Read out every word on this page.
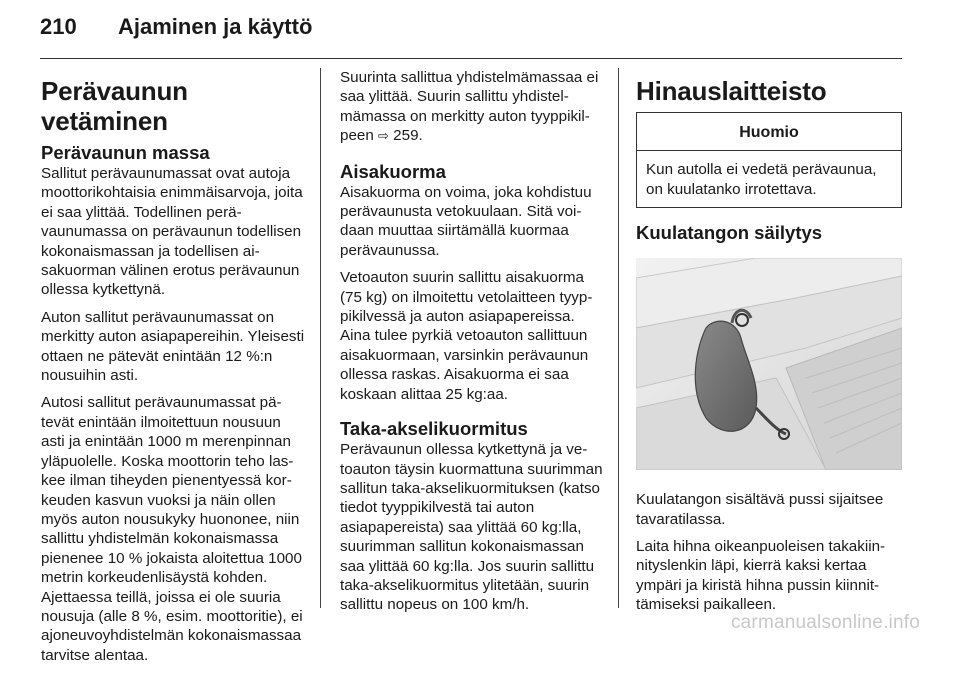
210 Ajaminen ja käyttö
Perävaunun vetäminen
Perävaunun massa

Sallitut perävaunumassat ovat autoja moottorikohtaisia enimmäisarvoja, joita ei saa ylittää. Todellinen perävaunumassa on perävaunun todellisen kokonaismassan ja todellisen aisakuorman välinen erotus perävaunun ollessa kytkettynä.

Auton sallitut perävaunumassat on merkitty auton asiapapereihin. Yleisesti ottaen ne pätevät enintään 12 %:n nousuihin asti.

Autosi sallitut perävaunumassat pätevät enintään ilmoitettuun nousuun asti ja enintään 1000 m merenpinnan yläpuolelle. Koska moottorin teho laskee ilman tiheyden pienentyessä korkeuden kasvun vuoksi ja näin ollen myös auton nousukyky huononee, niin sallittu yhdistelmän kokonaismassa pienenee 10 % jokaista aloitettua 1000 metrin korkeudenlisäystä kohden. Ajettaessa teillä, joissa ei ole suuria nousuja (alle 8 %, esim. moottoritie), ei ajoneuvoyhdistelmän kokonaismassaa tarvitse alentaa.

Suurinta sallittua yhdistelmämassaa ei saa ylittää. Suurin sallittu yhdistelmämassa on merkitty auton tyyppikilpeen ⇨ 259.

Aisakuorma

Aisakuorma on voima, joka kohdistuu perävaunusta vetokuulaan. Sitä voidaan muuttaa siirtämällä kuormaa perävaunussa.

Vetoauton suurin sallittu aisakuorma (75 kg) on ilmoitettu vetolaitteen tyyppikilvessä ja auton asiapapereissa. Aina tulee pyrkiä vetoauton sallittuun aisakuormaan, varsinkin perävaunun ollessa raskas. Aisakuorma ei saa koskaan alittaa 25 kg:aa.

Taka-akselikuormitus

Perävaunun ollessa kytkettynä ja vetoauton täysin kuormattuna suurimman sallitun taka-akselikuormituksen (katso tiedot tyyppikilvestä tai auton asiapapereista) saa ylittää 60 kg:lla, suurimman sallitun kokonaismassan saa ylittää 60 kg:lla. Jos suurin sallittu taka-akselikuormitus ylitetään, suurin sallittu nopeus on 100 km/h.

Hinauslaitteisto
Huomio
Kun autolla ei vedetä perävaunua, on kuulatanko irrotettava.
Kuulatangon säilytys

Kuulatangon sisältävä pussi sijaitsee tavaratilassa.

Laita hihna oikeanpuoleisen takakiinnityslenkin läpi, kierrä kaksi kertaa ympäri ja kiristä hihna pussin kiinnittämiseksi paikalleen.

carmanualsonline.info
